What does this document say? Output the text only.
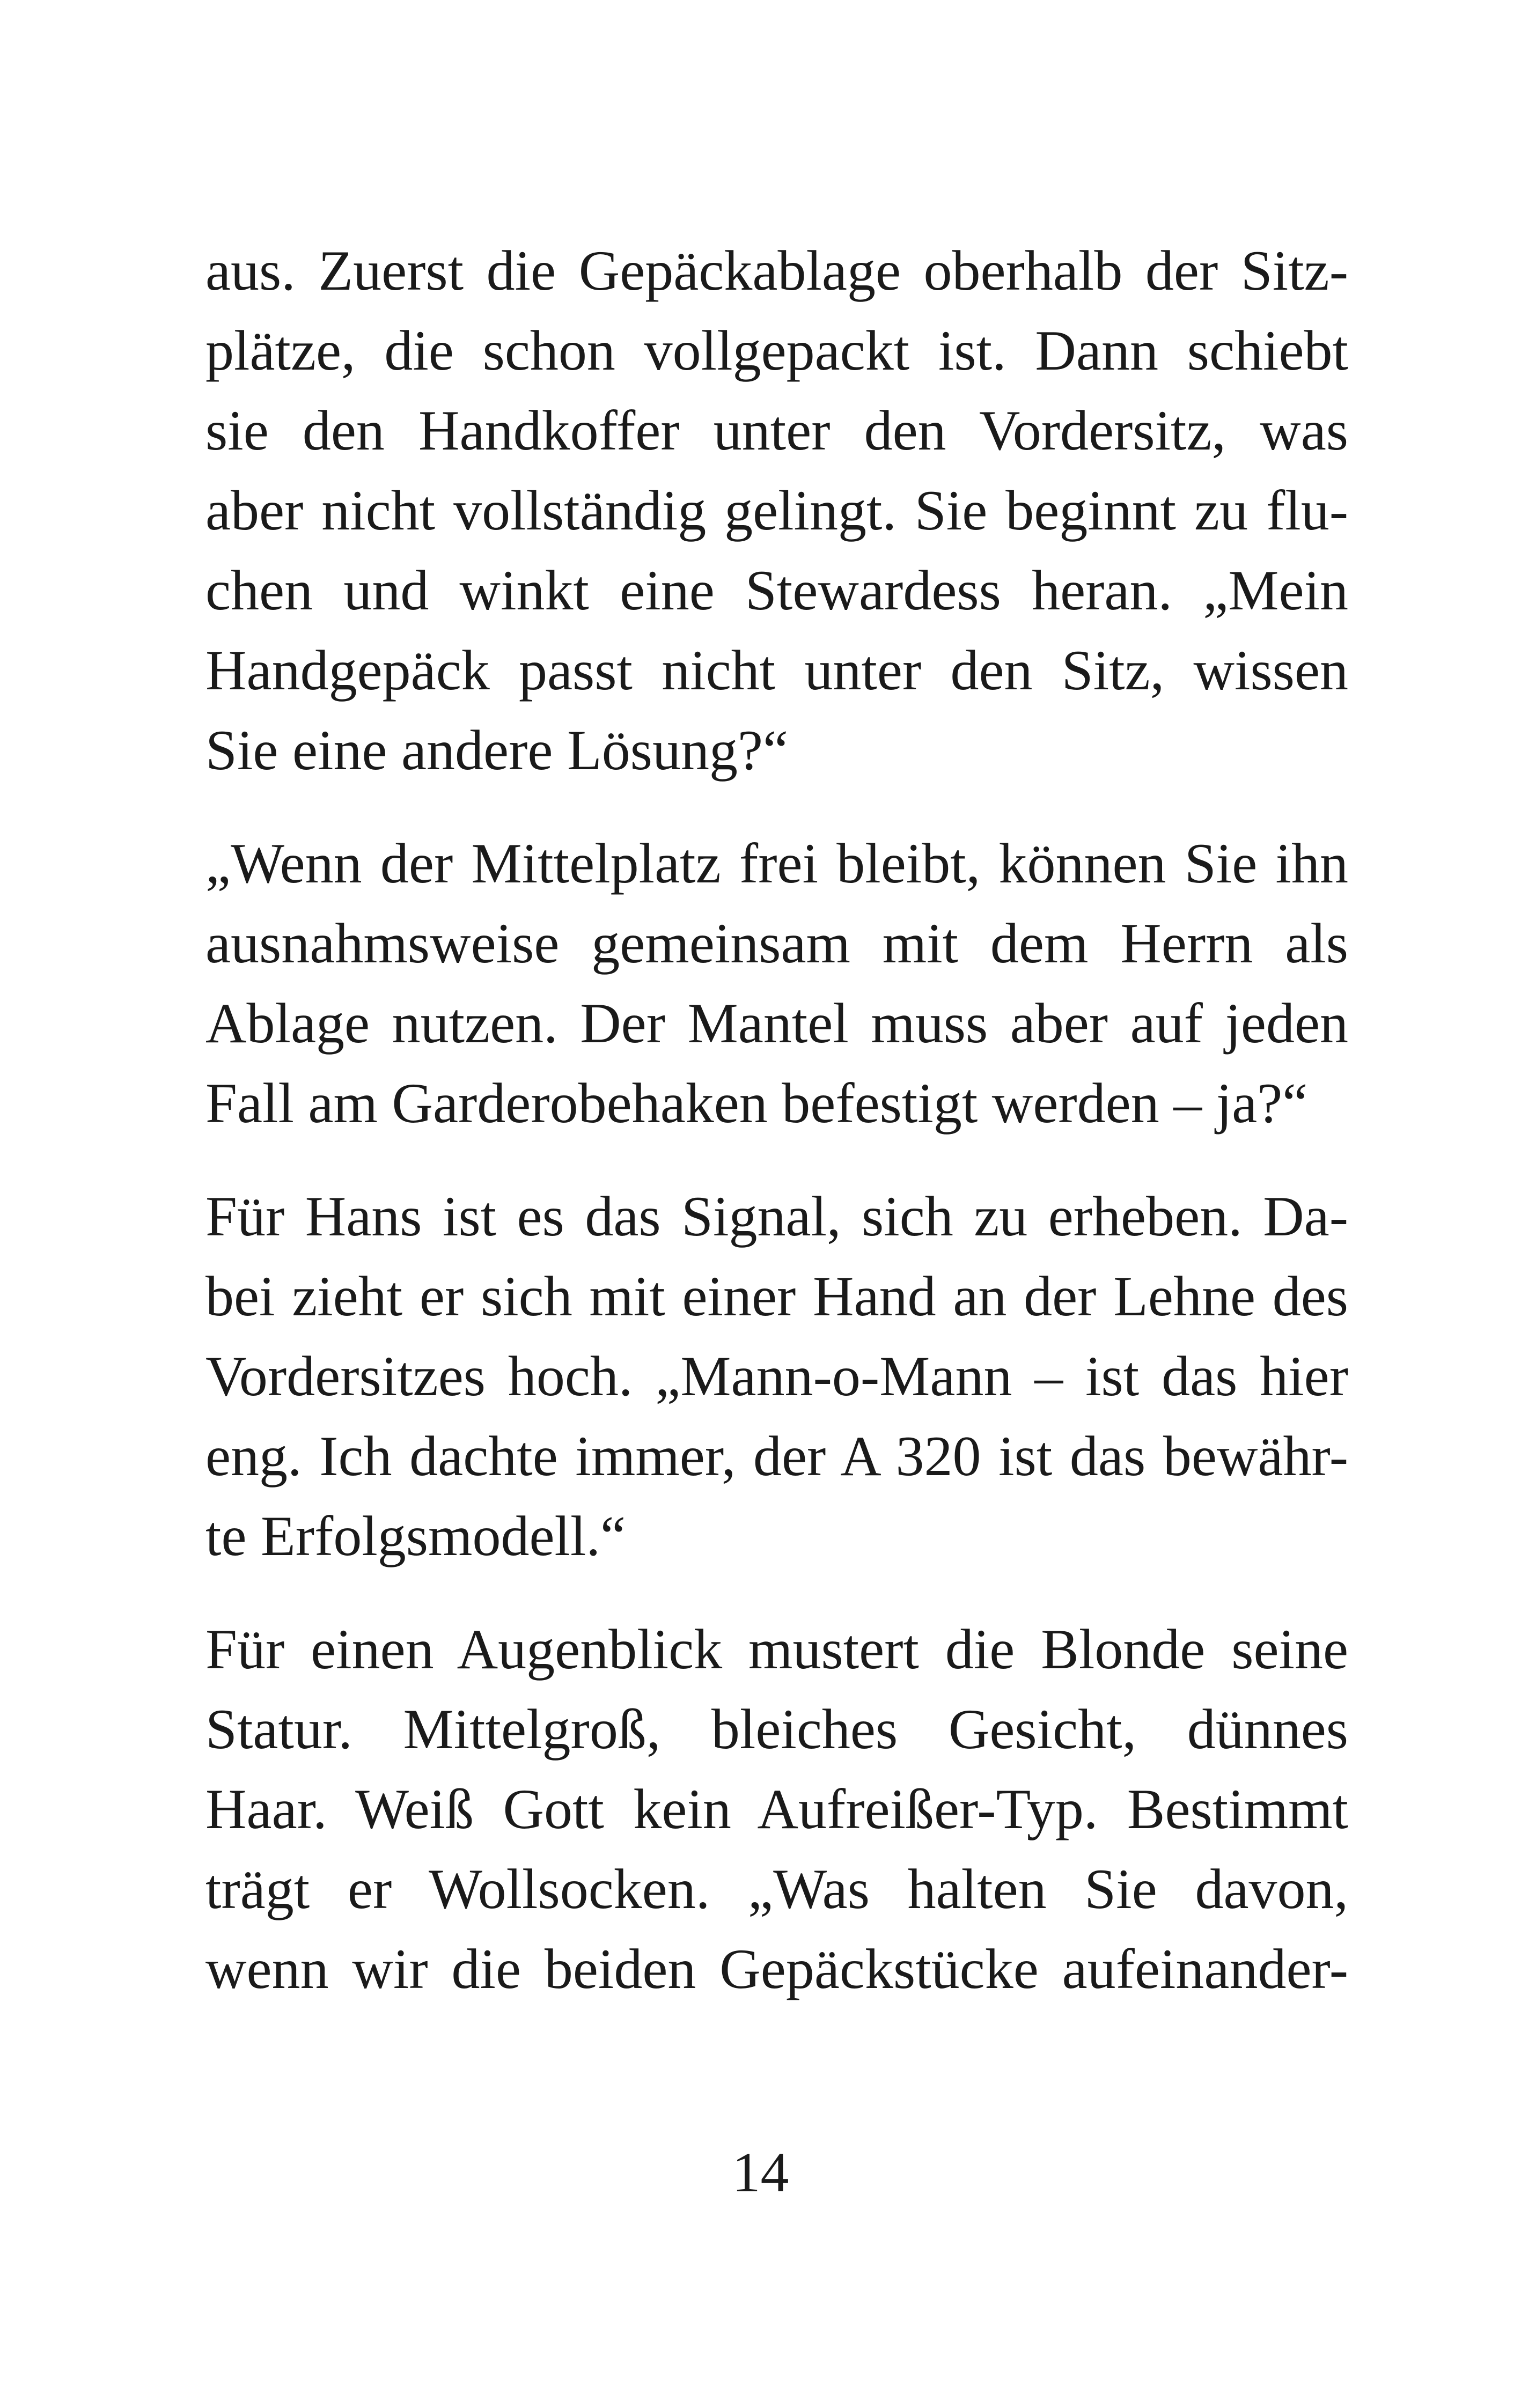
aus. Zuerst die Gepäckablage oberhalb der Sitz-
plätze, die schon vollgepackt ist. Dann schiebt
sie den Handkoffer unter den Vordersitz, was
aber nicht vollständig gelingt. Sie beginnt zu flu-
chen und winkt eine Stewardess heran. „Mein
Handgepäck passt nicht unter den Sitz, wissen
Sie eine andere Lösung?“
„Wenn der Mittelplatz frei bleibt, können Sie ihn
ausnahmsweise gemeinsam mit dem Herrn als
Ablage nutzen. Der Mantel muss aber auf jeden
Fall am Garderobehaken befestigt werden – ja?“
Für Hans ist es das Signal, sich zu erheben. Da-
bei zieht er sich mit einer Hand an der Lehne des
Vordersitzes hoch. „Mann-o-Mann – ist das hier
eng. Ich dachte immer, der A 320 ist das bewähr-
te Erfolgsmodell.“
Für einen Augenblick mustert die Blonde seine
Statur. Mittelgroß, bleiches Gesicht, dünnes
Haar. Weiß Gott kein Aufreißer-Typ. Bestimmt
trägt er Wollsocken. „Was halten Sie davon,
wenn wir die beiden Gepäckstücke aufeinander-
14
